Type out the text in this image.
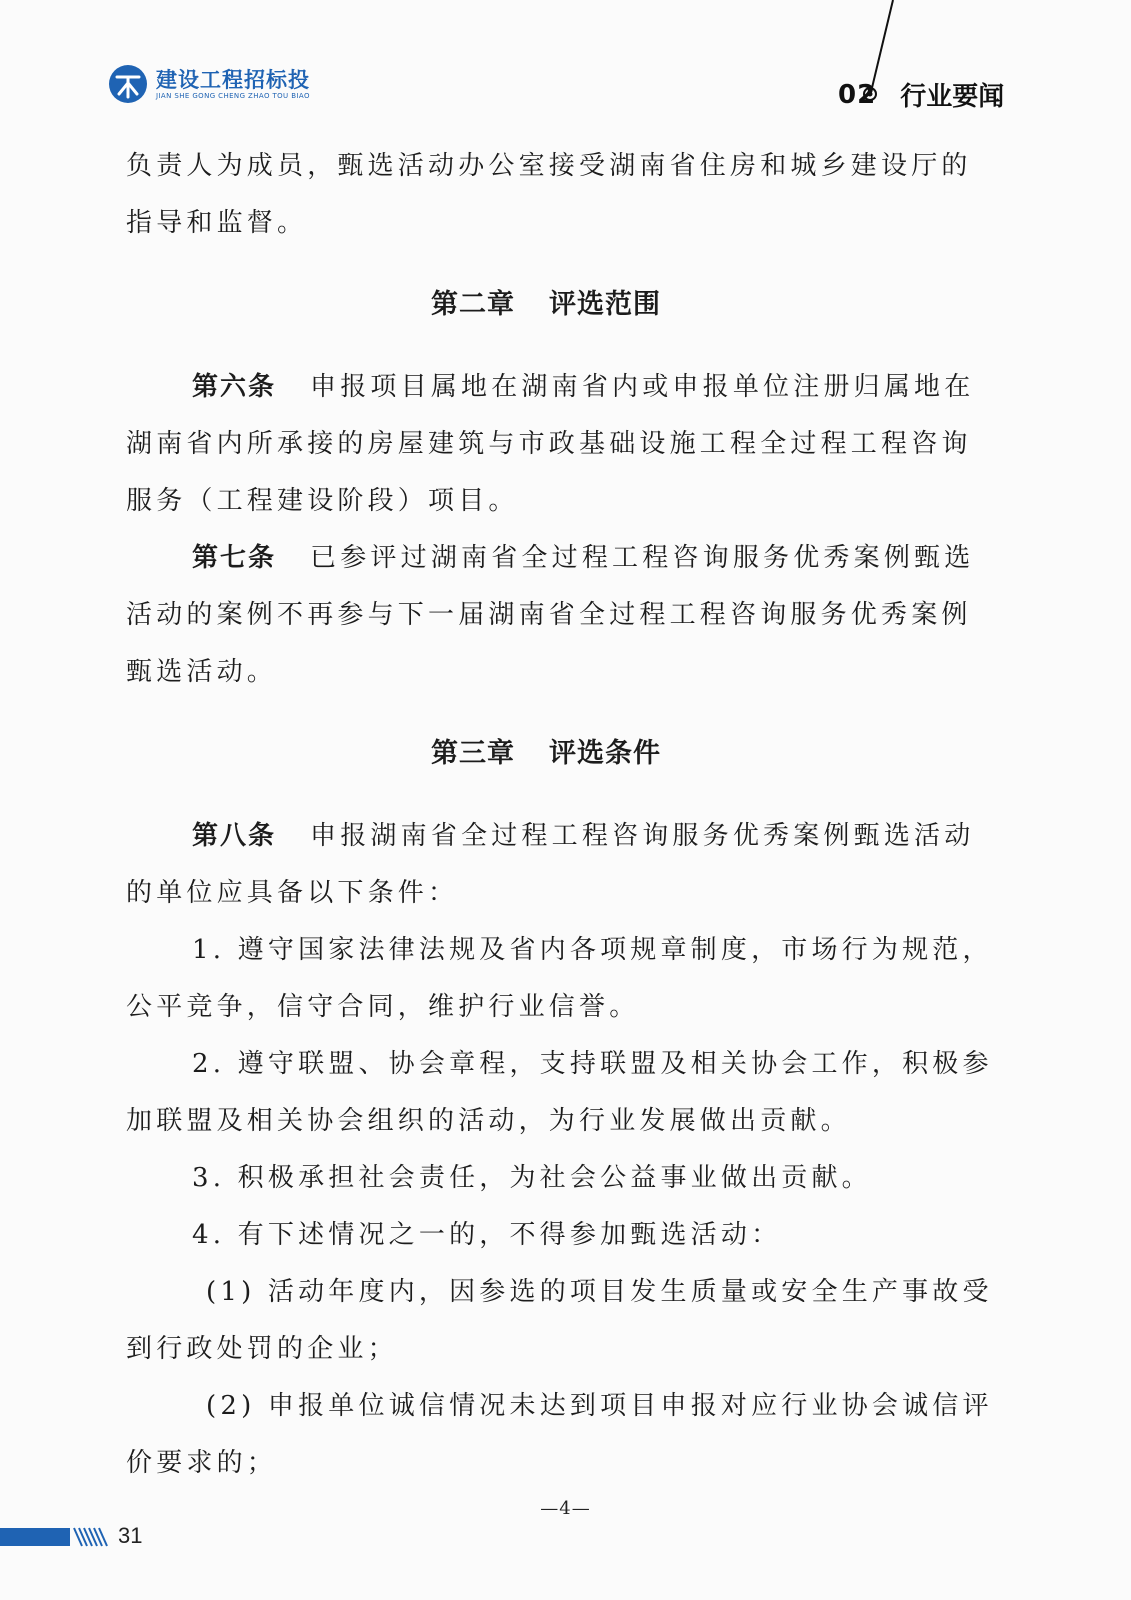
建设工程招标投
JIAN SHE GONG CHENG ZHAO TOU BIAO	02 行业要闻

负责人为成员，甄选活动办公室接受湖南省住房和城乡建设厅的

指导和监督。

第二章 评选范围

第六条 申报项目属地在湖南省内或申报单位注册归属地在

湖南省内所承接的房屋建筑与市政基础设施工程全过程工程咨询

服务（工程建设阶段）项目。

第七条 已参评过湖南省全过程工程咨询服务优秀案例甄选

活动的案例不再参与下一届湖南省全过程工程咨询服务优秀案例

甄选活动。

第三章 评选条件

第八条 申报湖南省全过程工程咨询服务优秀案例甄选活动

的单位应具备以下条件：

1. 遵守国家法律法规及省内各项规章制度，市场行为规范，

公平竞争，信守合同，维护行业信誉。

2. 遵守联盟、协会章程，支持联盟及相关协会工作，积极参

加联盟及相关协会组织的活动，为行业发展做出贡献。

3. 积极承担社会责任，为社会公益事业做出贡献。

4. 有下述情况之一的，不得参加甄选活动：

(1) 活动年度内，因参选的项目发生质量或安全生产事故受

到行政处罚的企业；

(2) 申报单位诚信情况未达到项目申报对应行业协会诚信评

价要求的；

—4—
31
